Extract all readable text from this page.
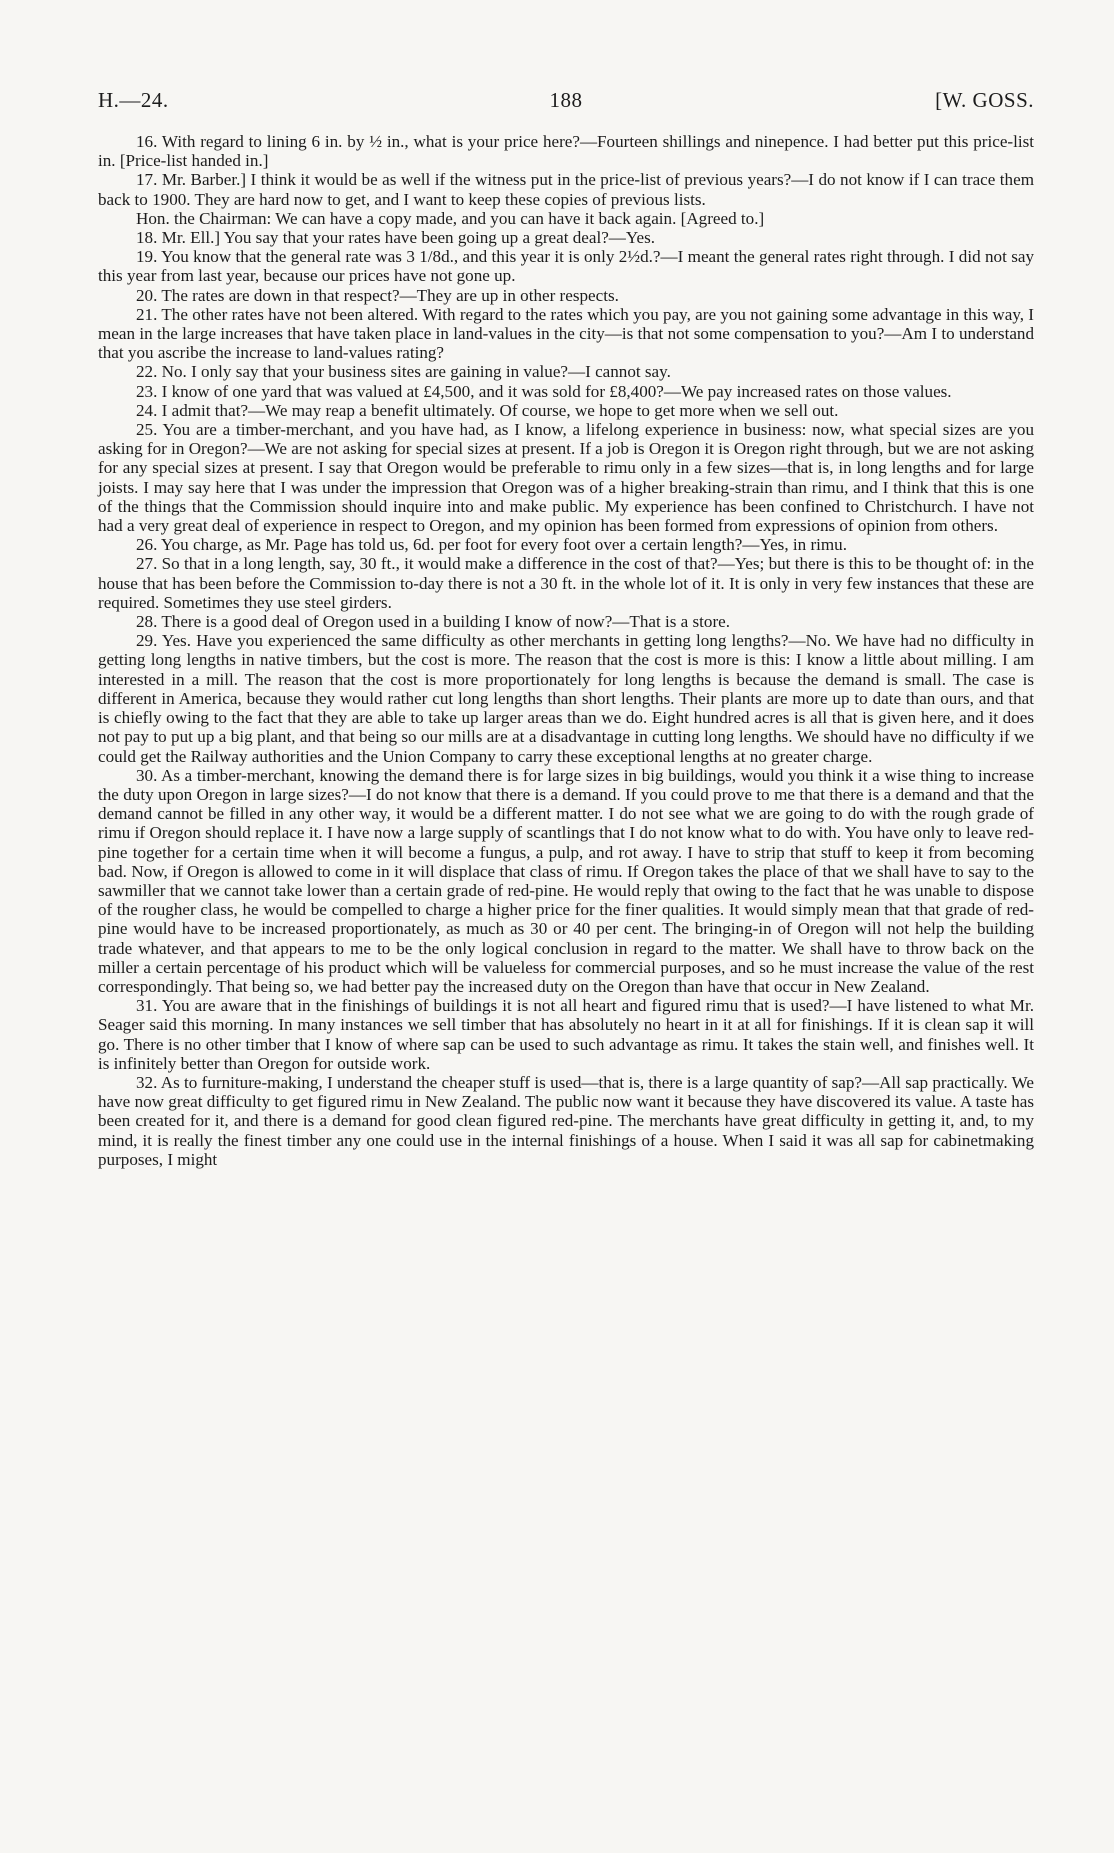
H.—24.	188	[W. GOSS.

16. With regard to lining 6 in. by ½ in., what is your price here?—Fourteen shillings and ninepence. I had better put this price-list in. [Price-list handed in.]

17. Mr. Barber.] I think it would be as well if the witness put in the price-list of previous years?—I do not know if I can trace them back to 1900. They are hard now to get, and I want to keep these copies of previous lists.

Hon. the Chairman: We can have a copy made, and you can have it back again. [Agreed to.]

18. Mr. Ell.] You say that your rates have been going up a great deal?—Yes.

19. You know that the general rate was 3 1/8d., and this year it is only 2½d.?—I meant the general rates right through. I did not say this year from last year, because our prices have not gone up.

20. The rates are down in that respect?—They are up in other respects.

21. The other rates have not been altered. With regard to the rates which you pay, are you not gaining some advantage in this way, I mean in the large increases that have taken place in land-values in the city—is that not some compensation to you?—Am I to understand that you ascribe the increase to land-values rating?

22. No. I only say that your business sites are gaining in value?—I cannot say.

23. I know of one yard that was valued at £4,500, and it was sold for £8,400?—We pay increased rates on those values.

24. I admit that?—We may reap a benefit ultimately. Of course, we hope to get more when we sell out.

25. You are a timber-merchant, and you have had, as I know, a lifelong experience in business: now, what special sizes are you asking for in Oregon?—We are not asking for special sizes at present. If a job is Oregon it is Oregon right through, but we are not asking for any special sizes at present. I say that Oregon would be preferable to rimu only in a few sizes—that is, in long lengths and for large joists. I may say here that I was under the impression that Oregon was of a higher breaking-strain than rimu, and I think that this is one of the things that the Commission should inquire into and make public. My experience has been confined to Christchurch. I have not had a very great deal of experience in respect to Oregon, and my opinion has been formed from expressions of opinion from others.

26. You charge, as Mr. Page has told us, 6d. per foot for every foot over a certain length?—Yes, in rimu.

27. So that in a long length, say, 30 ft., it would make a difference in the cost of that?—Yes; but there is this to be thought of: in the house that has been before the Commission to-day there is not a 30 ft. in the whole lot of it. It is only in very few instances that these are required. Sometimes they use steel girders.

28. There is a good deal of Oregon used in a building I know of now?—That is a store.

29. Yes. Have you experienced the same difficulty as other merchants in getting long lengths?—No. We have had no difficulty in getting long lengths in native timbers, but the cost is more. The reason that the cost is more is this: I know a little about milling. I am interested in a mill. The reason that the cost is more proportionately for long lengths is because the demand is small. The case is different in America, because they would rather cut long lengths than short lengths. Their plants are more up to date than ours, and that is chiefly owing to the fact that they are able to take up larger areas than we do. Eight hundred acres is all that is given here, and it does not pay to put up a big plant, and that being so our mills are at a disadvantage in cutting long lengths. We should have no difficulty if we could get the Railway authorities and the Union Company to carry these exceptional lengths at no greater charge.

30. As a timber-merchant, knowing the demand there is for large sizes in big buildings, would you think it a wise thing to increase the duty upon Oregon in large sizes?—I do not know that there is a demand. If you could prove to me that there is a demand and that the demand cannot be filled in any other way, it would be a different matter. I do not see what we are going to do with the rough grade of rimu if Oregon should replace it. I have now a large supply of scantlings that I do not know what to do with. You have only to leave red-pine together for a certain time when it will become a fungus, a pulp, and rot away. I have to strip that stuff to keep it from becoming bad. Now, if Oregon is allowed to come in it will displace that class of rimu. If Oregon takes the place of that we shall have to say to the sawmiller that we cannot take lower than a certain grade of red-pine. He would reply that owing to the fact that he was unable to dispose of the rougher class, he would be compelled to charge a higher price for the finer qualities. It would simply mean that that grade of red-pine would have to be increased proportionately, as much as 30 or 40 per cent. The bringing-in of Oregon will not help the building trade whatever, and that appears to me to be the only logical conclusion in regard to the matter. We shall have to throw back on the miller a certain percentage of his product which will be valueless for commercial purposes, and so he must increase the value of the rest correspondingly. That being so, we had better pay the increased duty on the Oregon than have that occur in New Zealand.

31. You are aware that in the finishings of buildings it is not all heart and figured rimu that is used?—I have listened to what Mr. Seager said this morning. In many instances we sell timber that has absolutely no heart in it at all for finishings. If it is clean sap it will go. There is no other timber that I know of where sap can be used to such advantage as rimu. It takes the stain well, and finishes well. It is infinitely better than Oregon for outside work.

32. As to furniture-making, I understand the cheaper stuff is used—that is, there is a large quantity of sap?—All sap practically. We have now great difficulty to get figured rimu in New Zealand. The public now want it because they have discovered its value. A taste has been created for it, and there is a demand for good clean figured red-pine. The merchants have great difficulty in getting it, and, to my mind, it is really the finest timber any one could use in the internal finishings of a house. When I said it was all sap for cabinetmaking purposes, I might
